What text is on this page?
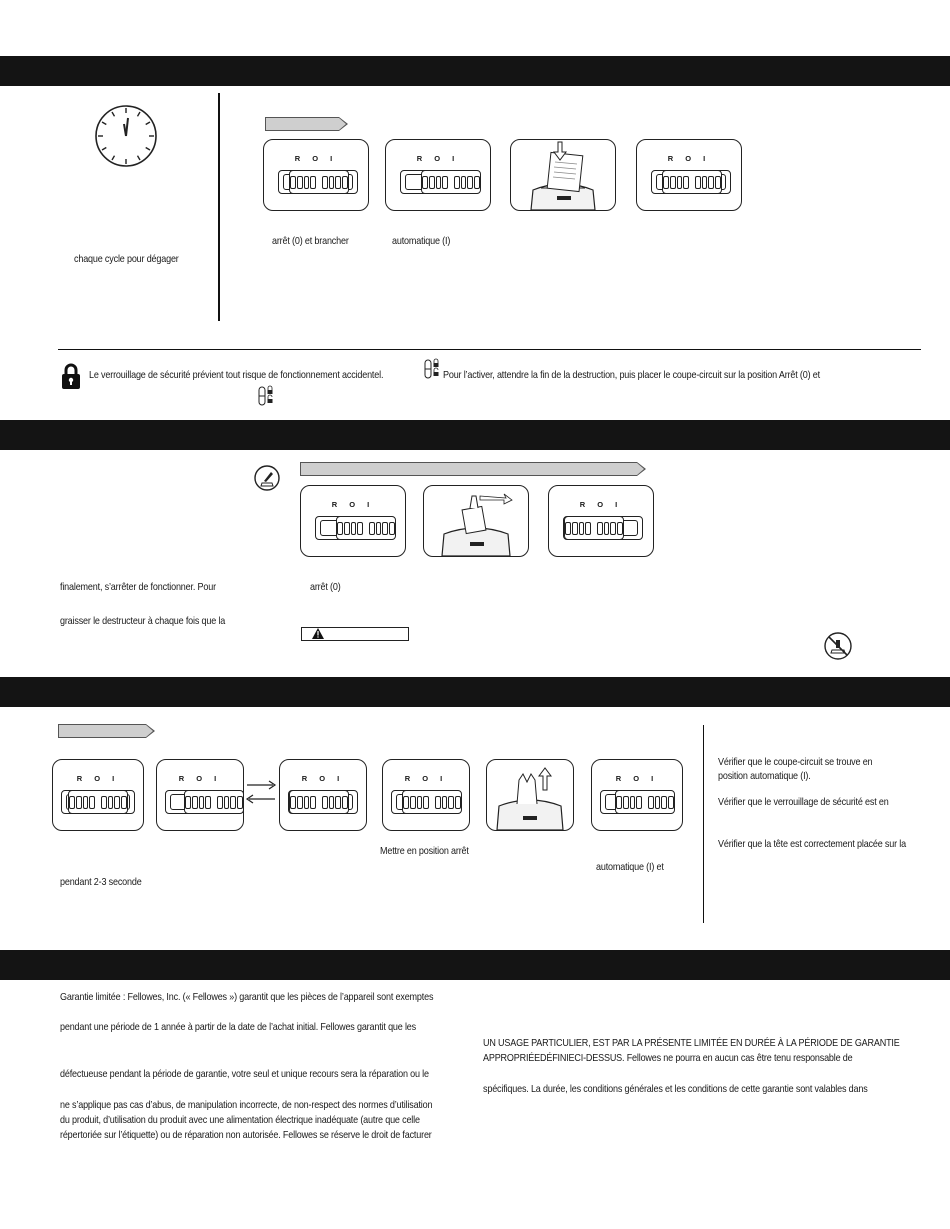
chaque cycle pour dégager
R O I	R O I	R O I
arrêt (0) et brancher	automatique (I)
Le verrouillage de sécurité prévient tout risque de fonctionnement accidentel.	Pour l’activer, attendre la fin de la destruction, puis placer le coupe-circuit sur la position Arrêt (0) et
R O I	R O I
finalement, s’arrêter de fonctionner. Pour
graisser le destructeur à chaque fois que la
arrêt (0)
R O I	R O I	R O I	R O I	R O I
Mettre en position arrêt
automatique (I) et
pendant 2-3 seconde
Vérifier que le coupe-circuit se trouve en
position automatique (I).
Vérifier que le verrouillage de sécurité est en
Vérifier que la tête est correctement placée sur la
Garantie limitée : Fellowes, Inc. (« Fellowes ») garantit que les pièces de l’appareil sont exemptes
pendant une période de 1 année à partir de la date de l’achat initial. Fellowes garantit que les
défectueuse pendant la période de garantie, votre seul et unique recours sera la réparation ou le
ne s’applique pas cas d’abus, de manipulation incorrecte, de non-respect des normes d’utilisation
du produit, d’utilisation du produit avec une alimentation électrique inadéquate (autre que celle
répertoriée sur l’étiquette) ou de réparation non autorisée. Fellowes se réserve le droit de facturer
UN USAGE PARTICULIER, EST PAR LA PRÉSENTE LIMITÉE EN DURÉE À LA PÉRIODE DE GARANTIE
APPROPRIÉEDÉFINIECI-DESSUS. Fellowes ne pourra en aucun cas être tenu responsable de
spécifiques. La durée, les conditions générales et les conditions de cette garantie sont valables dans
